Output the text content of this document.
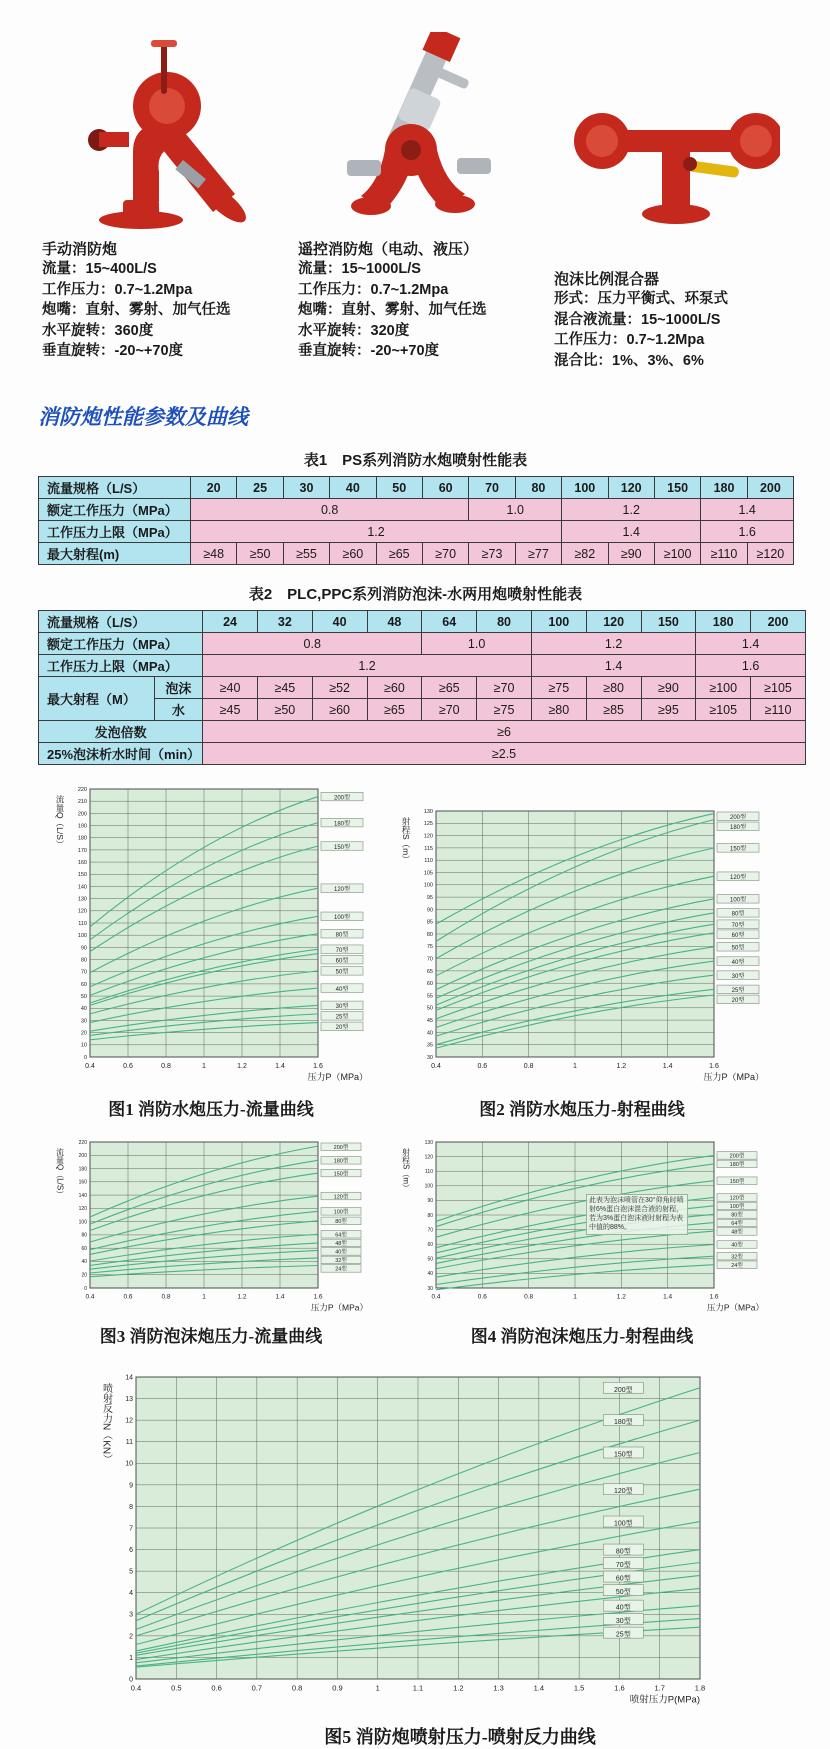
手动消防炮
流量：15~400L/S
工作压力：0.7~1.2Mpa
炮嘴：直射、雾射、加气任选
水平旋转：360度
垂直旋转：-20~+70度
遥控消防炮（电动、液压）
流量：15~1000L/S
工作压力：0.7~1.2Mpa
炮嘴：直射、雾射、加气任选
水平旋转：320度
垂直旋转：-20~+70度
泡沫比例混合器
形式：压力平衡式、环泵式
混合液流量：15~1000L/S
工作压力：0.7~1.2Mpa
混合比：1%、3%、6%
消防炮性能参数及曲线
表1　PS系列消防水炮喷射性能表
流量规格（L/S）	20	25	30	40	50	60	70	80	100	120	150	180	200
额定工作压力（MPa）	0.8						1.0		1.2			1.4	
工作压力上限（MPa）	1.2								1.4			1.6	
最大射程(m)	≥48	≥50	≥55	≥60	≥65	≥70	≥73	≥77	≥82	≥90	≥100	≥110	≥120
表2　PLC,PPC系列消防泡沫-水两用炮喷射性能表
流量规格（L/S）		24	32	40	48	64	80	100	120	150	180	200
额定工作压力（MPa）		0.8				1.0		1.2			1.4	
工作压力上限（MPa）		1.2						1.4			1.6	
最大射程（M）	泡沫	≥40	≥45	≥52	≥60	≥65	≥70	≥75	≥80	≥90	≥100	≥105
	水	≥45	≥50	≥60	≥65	≥70	≥75	≥80	≥85	≥95	≥105	≥110
发泡倍数		≥6										
25%泡沫析水时间（min）		≥2.5										
0
10
20
30
40
50
60
70
80
90
100
110
120
130
140
150
160
170
180
190
200
210
220
0.4	0.6	0.8	1	1.2	1.4	1.6
流量Q（L/S）
压力P（MPa）
200型
180型
150型
120型
100型
80型
70型
60型
50型
40型
30型
25型
20型
图1 消防水炮压力-流量曲线
30
35
40
45
50
55
60
65
70
75
80
85
90
95
100
105
110
115
120
125
130
0.4	0.6	0.8	1	1.2	1.4	1.6
射程S（m）
压力P（MPa）
200型
180型
150型
120型
100型
80型
70型
60型
50型
40型
30型
25型
20型
图2 消防水炮压力-射程曲线
0
20
40
60
80
100
120
140
160
180
200
220
0.4	0.6	0.8	1	1.2	1.4	1.6
流量Q（L/S）
压力P（MPa）
200型
180型
150型
120型
100型
80型
64型
48型
40型
32型
24型
图3 消防泡沫炮压力-流量曲线
30
40
50
60
70
80
90
100
110
120
130
0.4	0.6	0.8	1	1.2	1.4	1.6
射程S（m）
压力P（MPa）
200型
180型
150型
120型
100型
80型
64型
48型
40型
32型
24型
此表为泡沫喷管在30°仰角时喷射6%蛋白泡沫混合液的射程，若为3%蛋白泡沫液时射程为表中值的88%。
图4 消防泡沫炮压力-射程曲线
0
1
2
3
4
5
6
7
8
9
10
11
12
13
14
0.4	0.5	0.6	0.7	0.8	0.9	1	1.1	1.2	1.3	1.4	1.5	1.6	1.7	1.8
喷射反力N（KN）
喷射压力P(MPa)
200型
180型
150型
120型
100型
80型
70型
60型
50型
40型
30型
25型
图5 消防炮喷射压力-喷射反力曲线
